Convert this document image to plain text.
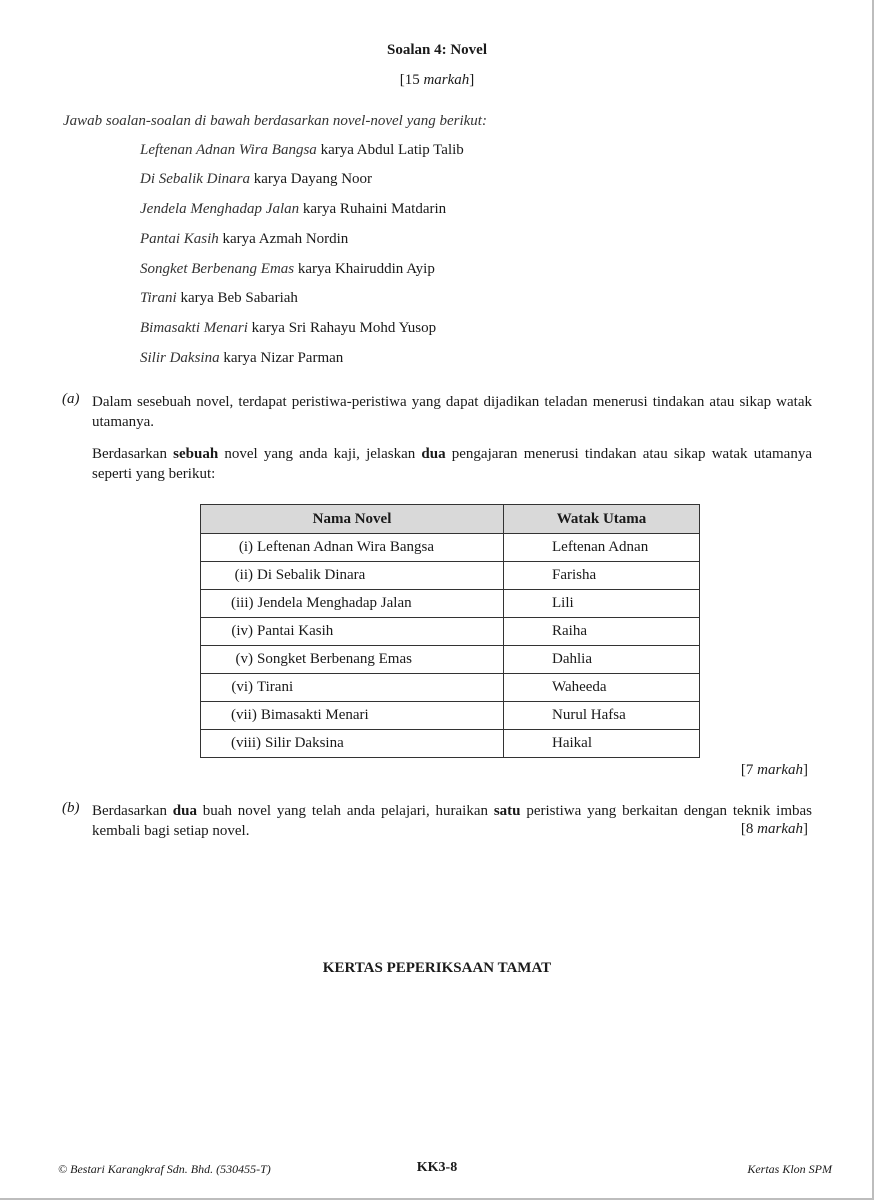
Soalan 4: Novel
[15 markah]
Jawab soalan-soalan di bawah berdasarkan novel-novel yang berikut:
Leftenan Adnan Wira Bangsa karya Abdul Latip Talib
Di Sebalik Dinara karya Dayang Noor
Jendela Menghadap Jalan karya Ruhaini Matdarin
Pantai Kasih karya Azmah Nordin
Songket Berbenang Emas karya Khairuddin Ayip
Tirani karya Beb Sabariah
Bimasakti Menari karya Sri Rahayu Mohd Yusop
Silir Daksina karya Nizar Parman
(a) Dalam sesebuah novel, terdapat peristiwa-peristiwa yang dapat dijadikan teladan menerusi tindakan atau sikap watak utamanya.
Berdasarkan sebuah novel yang anda kaji, jelaskan dua pengajaran menerusi tindakan atau sikap watak utamanya seperti yang berikut:
Nama Novel	Watak Utama
(i) Leftenan Adnan Wira Bangsa	Leftenan Adnan
(ii) Di Sebalik Dinara	Farisha
(iii) Jendela Menghadap Jalan	Lili
(iv) Pantai Kasih	Raiha
(v) Songket Berbenang Emas	Dahlia
(vi) Tirani	Waheeda
(vii) Bimasakti Menari	Nurul Hafsa
(viii) Silir Daksina	Haikal
[7 markah]
(b) Berdasarkan dua buah novel yang telah anda pelajari, huraikan satu peristiwa yang berkaitan dengan teknik imbas kembali bagi setiap novel.	[8 markah]
KERTAS PEPERIKSAAN TAMAT
© Bestari Karangkraf Sdn. Bhd. (530455-T)	KK3-8	Kertas Klon SPM
